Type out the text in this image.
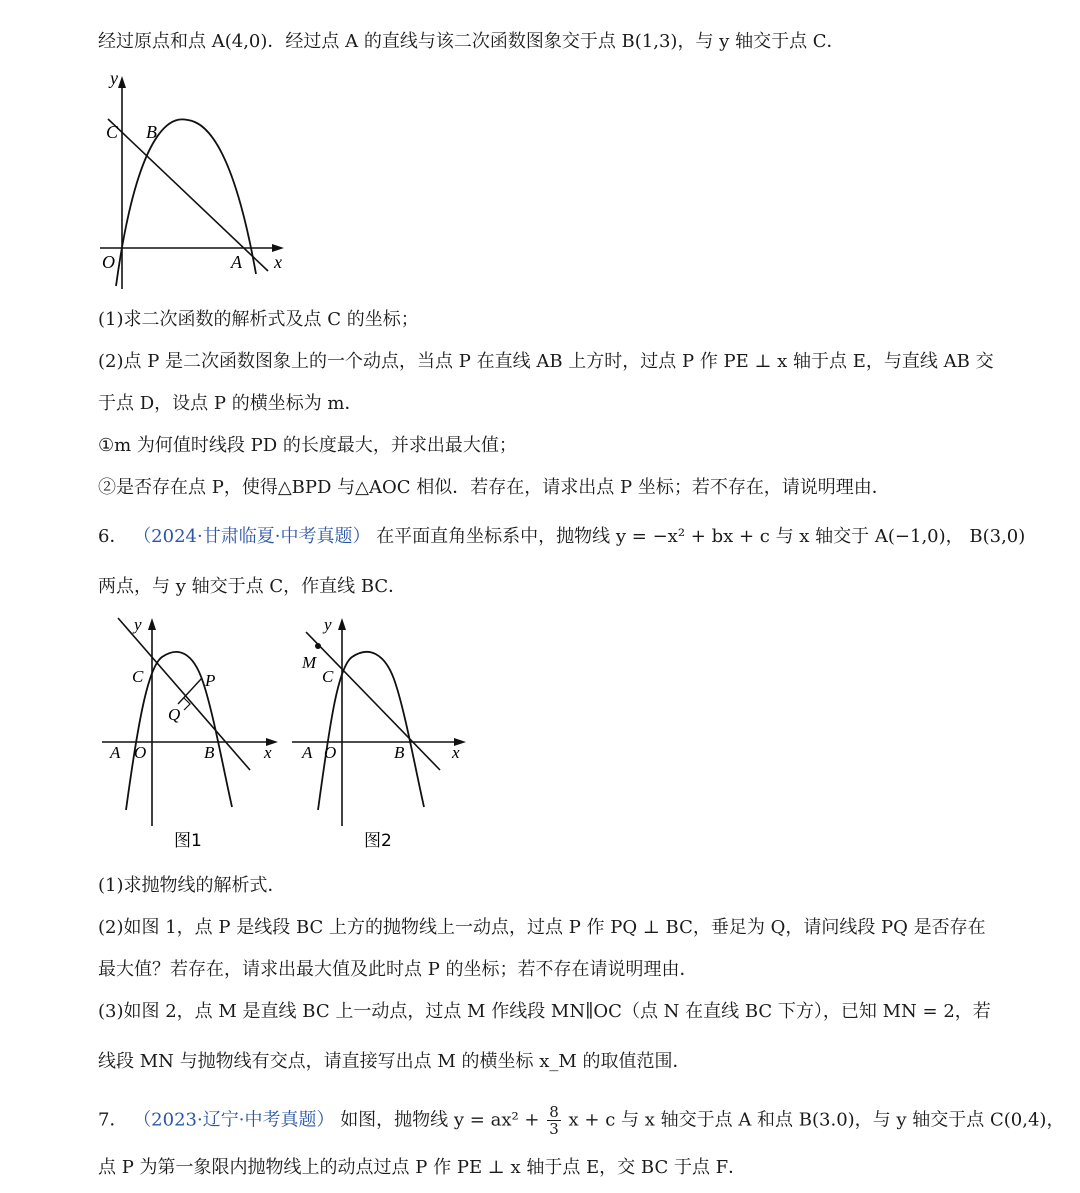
经过原点和点 A(4,0)．经过点 A 的直线与该二次函数图象交于点 B(1,3)，与 y 轴交于点 C．
y
C B
O	A x
(1)求二次函数的解析式及点 C 的坐标；
(2)点 P 是二次函数图象上的一个动点，当点 P 在直线 AB 上方时，过点 P 作 PE ⊥ x 轴于点 E，与直线 AB 交
于点 D，设点 P 的横坐标为 m．
①m 为何值时线段 PD 的长度最大，并求出最大值；
②是否存在点 P，使得△BPD 与△AOC 相似．若存在，请求出点 P 坐标；若不存在，请说明理由．
6． （2024·甘肃临夏·中考真题） 在平面直角坐标系中，抛物线 y = −x² + bx + c 与 x 轴交于 A(−1,0)， B(3,0)
两点，与 y 轴交于点 C，作直线 BC．
y
C	P
Q
A O	B	x
图1
y
M
C
A O	B	x
图2
(1)求抛物线的解析式．
(2)如图 1，点 P 是线段 BC 上方的抛物线上一动点，过点 P 作 PQ ⊥ BC，垂足为 Q，请问线段 PQ 是否存在
最大值？若存在，请求出最大值及此时点 P 的坐标；若不存在请说明理由．
(3)如图 2，点 M 是直线 BC 上一动点，过点 M 作线段 MN∥OC（点 N 在直线 BC 下方），已知 MN = 2，若
线段 MN 与抛物线有交点，请直接写出点 M 的横坐标 x_M 的取值范围．
7． （2023·辽宁·中考真题） 如图，抛物线 $y = ax^2 + \frac{8}{3}$ x + c 与 x 轴交于点 A 和点 B(3.0)，与 y 轴交于点 C(0,4)，
点 P 为第一象限内抛物线上的动点过点 P 作 PE ⊥ x 轴于点 E，交 BC 于点 F．
